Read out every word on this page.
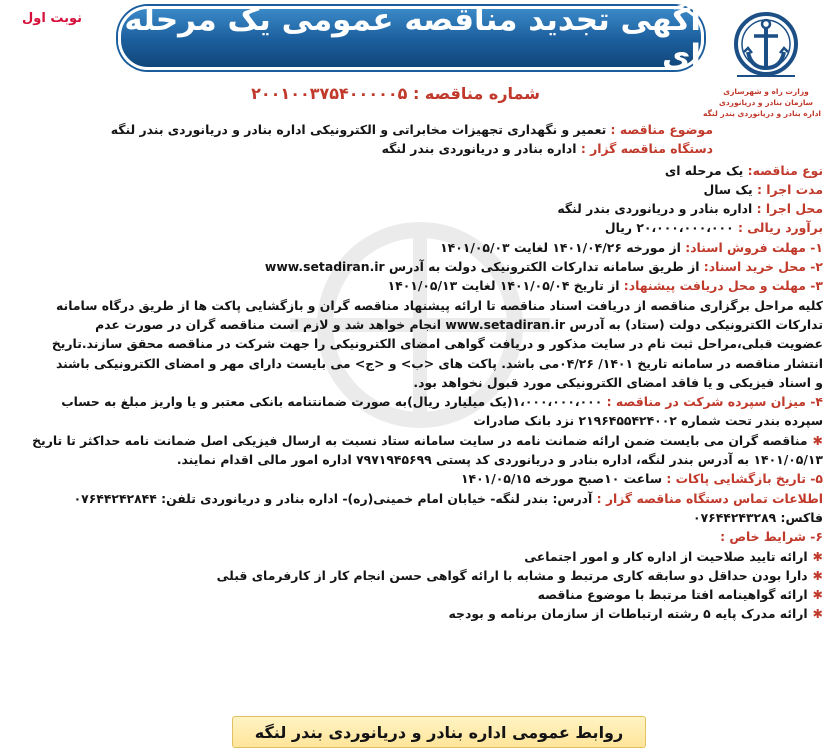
نوبت اول آگهی تجدید مناقصه عمومی یک مرحله ای
وزارت راه و شهرسازی
سازمان بنادر و دریانوردی
اداره بنادر و دریانوردی بندر لنگه
شماره مناقصه : ۲۰۰۱۰۰۳۷۵۴۰۰۰۰۰۵
موضوع مناقصه : تعمیر و نگهداری تجهیزات مخابراتی و الکترونیکی اداره بنادر و دریانوردی بندر لنگه
دستگاه مناقصه گزار : اداره بنادر و دریانوردی بندر لنگه
نوع مناقصه: یک مرحله ای
مدت اجرا : یک سال
محل اجرا : اداره بنادر و دریانوردی بندر لنگه
برآورد ریالی : ۲۰،۰۰۰،۰۰۰،۰۰۰ ریال
۱- مهلت فروش اسناد: از مورخه ۱۴۰۱/۰۴/۲۶ لغایت ۱۴۰۱/۰۵/۰۳
۲- محل خرید اسناد: از طریق سامانه تدارکات الکترونیکی دولت به آدرس www.setadiran.ir
۳- مهلت و محل دریافت پیشنهاد: از تاریخ ۱۴۰۱/۰۵/۰۴ لغایت ۱۴۰۱/۰۵/۱۳
کلیه مراحل برگزاری مناقصه از دریافت اسناد مناقصه تا ارائه پیشنهاد مناقصه گران و بازگشایی پاکت ها از طریق درگاه سامانه
تدارکات الکترونیکی دولت (ستاد) به آدرس www.setadiran.ir انجام خواهد شد و لازم است مناقصه گران در صورت عدم
عضویت قبلی،مراحل ثبت نام در سایت مذکور و دریافت گواهی امضای الکترونیکی را جهت شرکت در مناقصه محقق سازند.تاریخ
انتشار مناقصه در سامانه تاریخ ۱۴۰۱/ ۰۴/۲۶می باشد. پاکت های <ب> و <ج> می بایست دارای مهر و امضای الکترونیکی باشند
و اسناد فیزیکی و یا فاقد امضای الکترونیکی مورد قبول نخواهد بود.
۴- میزان سپرده شرکت در مناقصه : ۱،۰۰۰،۰۰۰،۰۰۰(یک میلیارد ریال)به صورت ضمانتنامه بانکی معتبر و یا واریز مبلغ به حساب
سپرده بندر تحت شماره ۲۱۹۶۴۵۵۴۲۴۰۰۲ نزد بانک صادرات
✱مناقصه گران می بایست ضمن ارائه ضمانت نامه در سایت سامانه ستاد نسبت به ارسال فیزیکی اصل ضمانت نامه حداکثر تا تاریخ
۱۴۰۱/۰۵/۱۳ به آدرس بندر لنگه، اداره بنادر و دریانوردی کد پستی ۷۹۷۱۹۴۵۶۹۹ اداره امور مالی اقدام نمایند.
۵- تاریخ بازگشایی پاکات : ساعت ۱۰صبح مورخه ۱۴۰۱/۰۵/۱۵
اطلاعات تماس دستگاه مناقصه گزار : آدرس: بندر لنگه- خیابان امام خمینی(ره)- اداره بنادر و دریانوردی تلفن: ۰۷۶۴۴۲۴۲۸۴۴
فاکس: ۰۷۶۴۴۲۴۳۲۸۹
۶- شرایط خاص :
✱ارائه تایید صلاحیت از اداره کار و امور اجتماعی
✱دارا بودن حداقل دو سابقه کاری مرتبط و مشابه با ارائه گواهی حسن انجام کار از کارفرمای قبلی
✱ارائه گواهینامه افتا مرتبط با موضوع مناقصه
✱ارائه مدرک پایه ۵ رشته ارتباطات از سازمان برنامه و بودجه
روابط عمومی اداره بنادر و دریانوردی بندر لنگه
